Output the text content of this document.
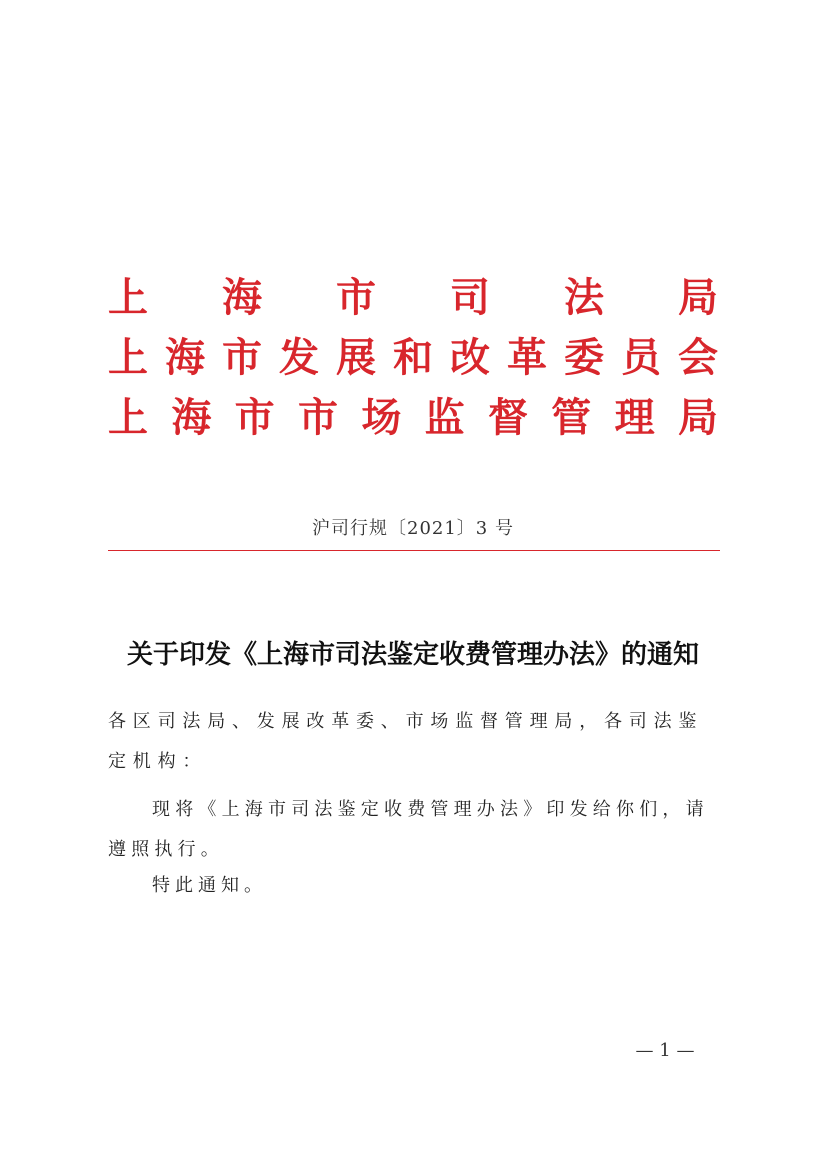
上 海 市 司 法 局
上 海 市 发 展 和 改 革 委 员 会
上 海 市 市 场 监 督 管 理 局
沪司行规〔2021〕3 号
关于印发《上海市司法鉴定收费管理办法》的通知
各区司法局、发展改革委、市场监督管理局，各司法鉴定机构：
现将《上海市司法鉴定收费管理办法》印发给你们，请遵照执行。
特此通知。
— 1 —
